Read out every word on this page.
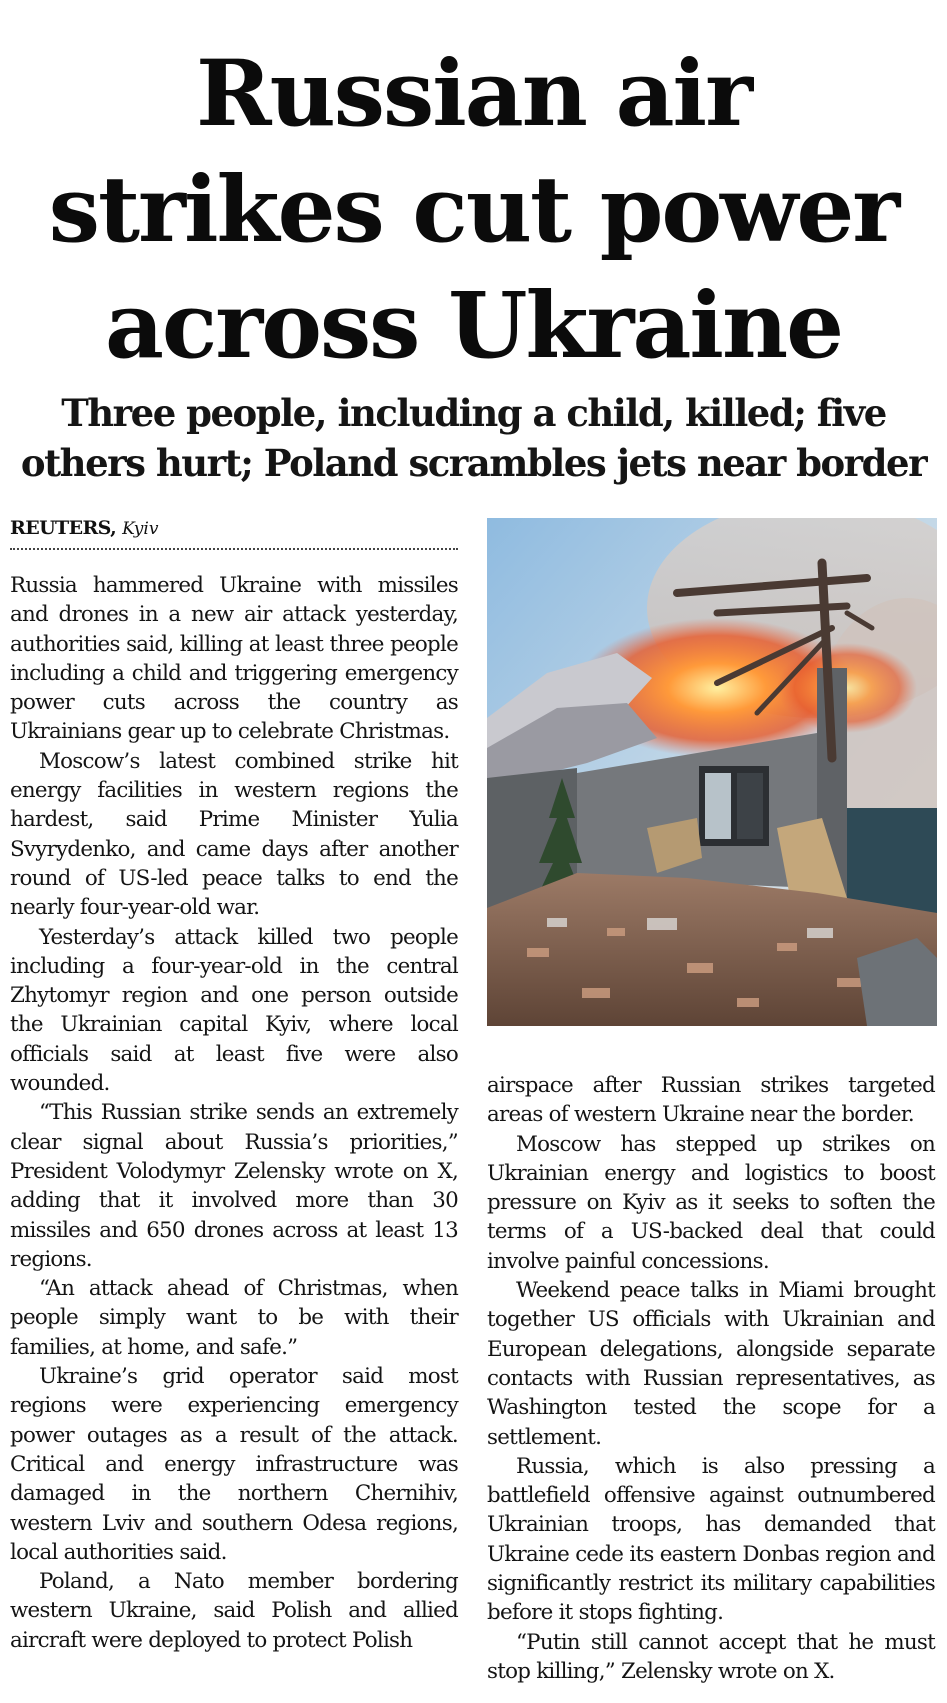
Russian air
strikes cut power
across Ukraine
Three people, including a child, killed; five
others hurt; Poland scrambles jets near border
REUTERS, Kyiv

Russia hammered Ukraine with missiles and drones in a new air attack yesterday, authorities said, killing at least three people including a child and triggering emergency power cuts across the country as Ukrainians gear up to celebrate Christmas.

Moscow’s latest combined strike hit energy facilities in western regions the hardest, said Prime Minister Yulia Svyrydenko, and came days after another round of US-led peace talks to end the nearly four-year-old war.

Yesterday’s attack killed two people including a four-year-old in the central Zhytomyr region and one person outside the Ukrainian capital Kyiv, where local officials said at least five were also wounded.

“This Russian strike sends an extremely clear signal about Russia’s priorities,” President Volodymyr Zelensky wrote on X, adding that it involved more than 30 missiles and 650 drones across at least 13 regions.

“An attack ahead of Christmas, when people simply want to be with their families, at home, and safe.”

Ukraine’s grid operator said most regions were experiencing emergency power outages as a result of the attack. Critical and energy infrastructure was damaged in the northern Chernihiv, western Lviv and southern Odesa regions, local authorities said.

Poland, a Nato member bordering western Ukraine, said Polish and allied aircraft were deployed to protect Polish

airspace after Russian strikes targeted areas of western Ukraine near the border.

Moscow has stepped up strikes on Ukrainian energy and logistics to boost pressure on Kyiv as it seeks to soften the terms of a US-backed deal that could involve painful concessions.

Weekend peace talks in Miami brought together US officials with Ukrainian and European delegations, alongside separate contacts with Russian representatives, as Washington tested the scope for a settlement.

Russia, which is also pressing a battlefield offensive against outnumbered Ukrainian troops, has demanded that Ukraine cede its eastern Donbas region and significantly restrict its military capabilities before it stops fighting.

“Putin still cannot accept that he must stop killing,” Zelensky wrote on X.
